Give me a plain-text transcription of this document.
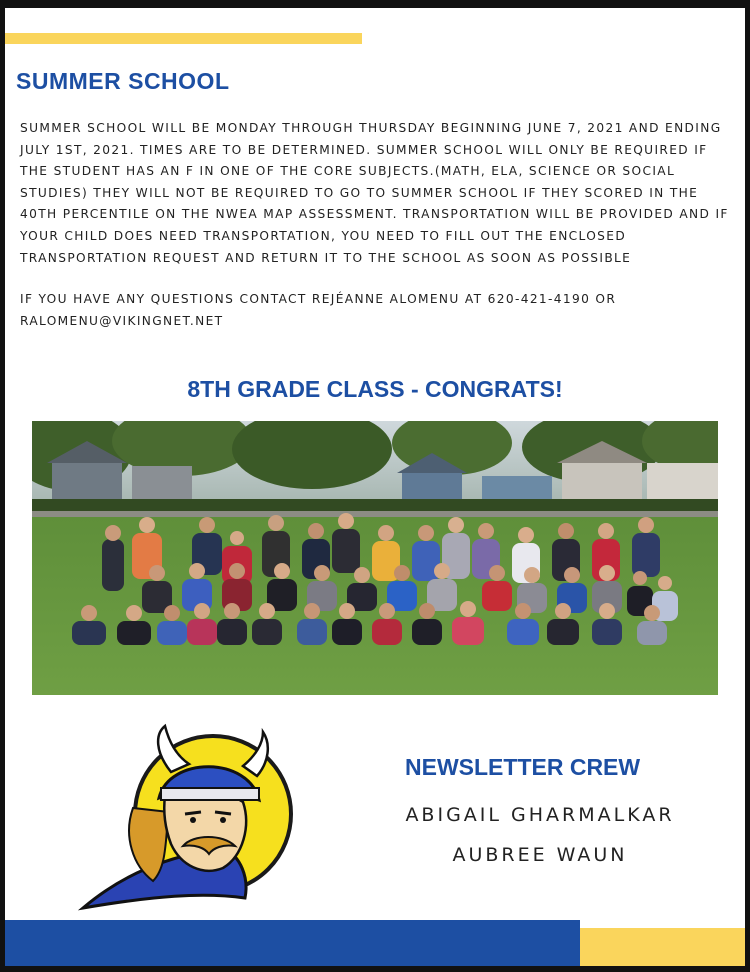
SUMMER SCHOOL

SUMMER SCHOOL WILL BE MONDAY THROUGH THURSDAY BEGINNING JUNE 7, 2021 AND ENDING JULY 1ST, 2021. TIMES ARE TO BE DETERMINED. SUMMER SCHOOL WILL ONLY BE REQUIRED IF THE STUDENT HAS AN F IN ONE OF THE CORE SUBJECTS.(MATH, ELA, SCIENCE OR SOCIAL STUDIES) THEY WILL NOT BE REQUIRED TO GO TO SUMMER SCHOOL IF THEY SCORED IN THE 40TH PERCENTILE ON THE NWEA MAP ASSESSMENT. TRANSPORTATION WILL BE PROVIDED AND IF YOUR CHILD DOES NEED TRANSPORTATION, YOU NEED TO FILL OUT THE ENCLOSED TRANSPORTATION REQUEST AND RETURN IT TO THE SCHOOL AS SOON AS POSSIBLE

IF YOU HAVE ANY QUESTIONS CONTACT REJÉANNE ALOMENU AT 620-421-4190 OR RALOMENU@VIKINGNET.NET

8TH GRADE CLASS - CONGRATS!
NEWSLETTER CREW
ABIGAIL GHARMALKAR
AUBREE WAUN
